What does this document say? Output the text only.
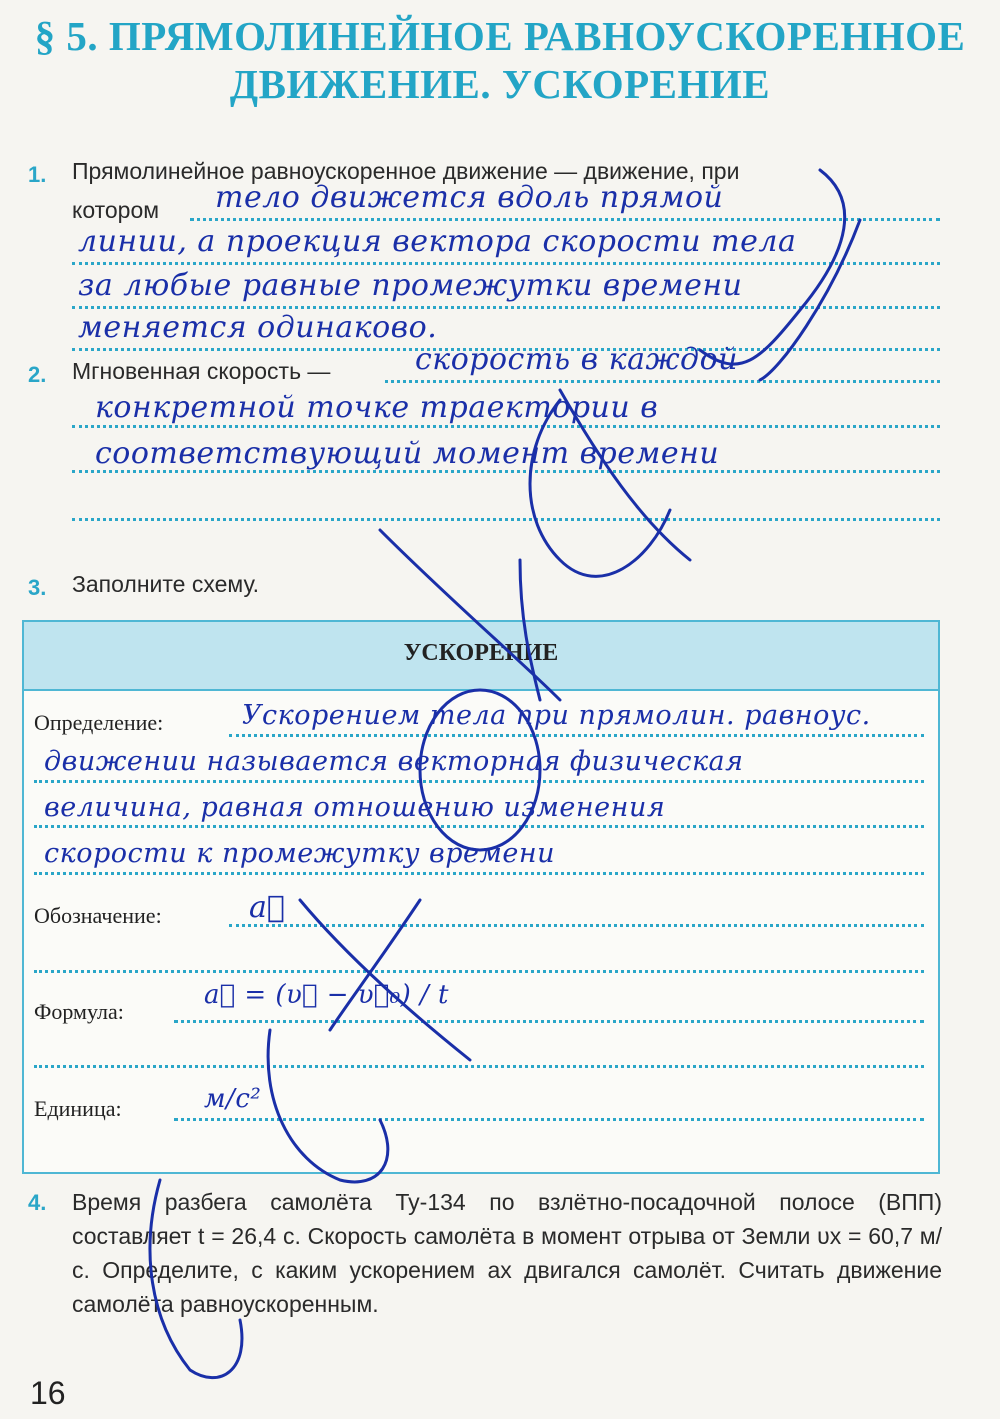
§ 5. ПРЯМОЛИНЕЙНОЕ РАВНОУСКОРЕННОЕ
ДВИЖЕНИЕ. УСКОРЕНИЕ
1. Прямолинейное равноускоренное движение — движение, при
котором тело движется вдоль прямой
линии, а проекция вектора скорости тела
за любые равные промежутки времени
меняется одинаково.
2. Мгновенная скорость —	скорость в каждой
конкретной точке траектории в
соответствующий момент времени
3. Заполните схему.
УСКОРЕНИЕ
Определение:	Ускорением тела при прямолин. равноус.
движении называется векторная физическая
величина, равная отношению изменения
скорости к промежутку времени
Обозначение:	a⃗
Формула:
a⃗ = (υ⃗ − υ⃗₀) / t
Единица:	м/с²
4. Время разбега самолёта Ту-134 по взлётно-посадочной полосе (ВПП) составляет t = 26,4 с. Скорость самолёта в момент отрыва от Земли υx = 60,7 м/с. Определите, с каким ускорением ax двигался самолёт. Считать движение самолёта равноускоренным.
16
